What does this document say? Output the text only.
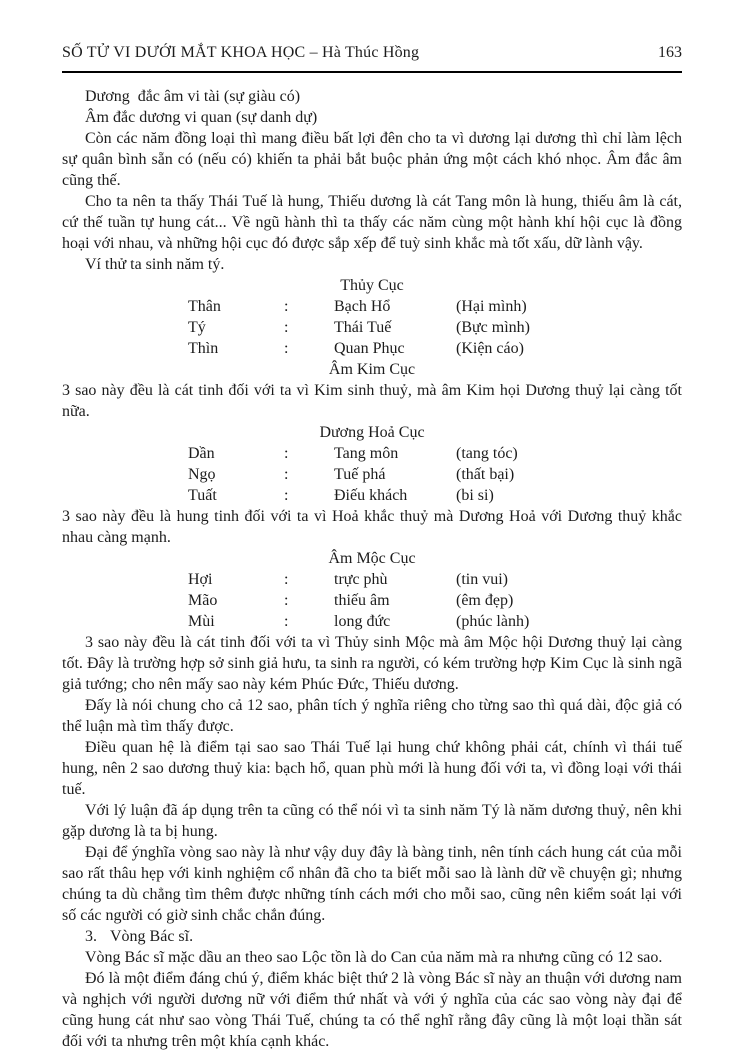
SỐ TỬ VI DƯỚI MẮT KHOA HỌC – Hà Thúc Hồng	163
Dương  đắc âm vi tài (sự giàu có)
Âm đắc dương vi quan (sự danh dự)

Còn các năm đồng loại thì mang điều bất lợi đên cho ta vì dương lại dương thì chỉ làm lệch sự quân bình sẵn có (nếu có) khiến ta phải bắt buộc phản ứng một cách khó nhọc. Âm đắc âm cũng thế.

Cho ta nên ta thấy Thái Tuế là hung, Thiếu dương là cát Tang môn là hung, thiếu âm là cát, cứ thế tuần tự hung cát... Về ngũ hành thì ta thấy các năm cùng một hành khí hội cục là đồng hoại với nhau, và những hội cục đó được sắp xếp để tuỳ sinh khắc mà tốt xấu, dữ lành vậy.

Ví thử ta sinh năm tý.
Thủy Cục
Thân	:	Bạch Hổ	(Hại mình)
Tý	:	Thái Tuế	(Bực mình)
Thìn	:	Quan Phục	(Kiện cáo)
Âm Kim Cục

3 sao này đều là cát tinh đối với ta vì Kim sinh thuỷ, mà âm Kim họi Dương thuỷ lại càng tốt nữa.

Dương Hoả Cục
Dần	:	Tang môn	(tang tóc)
Ngọ	:	Tuế phá	(thất bại)
Tuất	:	Điếu khách	(bi si)

3 sao này đều là hung tinh đối với ta vì Hoả khắc thuỷ mà Dương Hoả với Dương thuỷ khắc nhau càng mạnh.

Âm Mộc Cục
Hợi	:	trực phù	(tin vui)
Mão	:	thiếu âm	(êm đẹp)
Mùi	:	long đức	(phúc lành)

3 sao này đều là cát tinh đối với ta vì Thủy sinh Mộc mà âm Mộc hội Dương thuỷ lại càng tốt. Đây là trường hợp sở sinh giả hưu, ta sinh ra người, có kém trường hợp Kim Cục là sinh ngã giả tướng; cho nên mấy sao này kém Phúc Đức, Thiếu dương.

Đấy là nói chung cho cả 12 sao, phân tích ý nghĩa riêng cho từng sao thì quá dài, độc giả có thể luận mà tìm thấy được.

Điều quan hệ là điểm tại sao sao Thái Tuế lại hung chứ không phải cát, chính vì thái tuế hung, nên 2 sao dương thuỷ kia: bạch hổ, quan phù mới là hung đối với ta, vì đồng loại với thái tuế.

Với lý luận đã áp dụng trên ta cũng có thể nói vì ta sinh năm Tý là năm dương thuỷ, nên khi gặp dương là ta bị hung.

Đại để ýnghĩa vòng sao này là như vậy duy đây là bàng tinh, nên tính cách hung cát của mỗi sao rất thâu hẹp với kinh nghiệm cổ nhân đã cho ta biết mỗi sao là lành dữ về chuyện gì; nhưng chúng ta dù chẳng tìm thêm được những tính cách mới cho mỗi sao, cũng nên kiểm soát lại với số các người có giờ sinh chắc chắn đúng.

3. Vòng Bác sĩ.

Vòng Bác sĩ mặc dầu an theo sao Lộc tồn là do Can của năm mà ra nhưng cũng có 12 sao.

Đó là một điểm đáng chú ý, điểm khác biệt thứ 2 là vòng Bác sĩ này an thuận với dương nam và nghịch với người dương nữ với điểm thứ nhất và với ý nghĩa của các sao vòng này đại để cũng hung cát như sao vòng Thái Tuế, chúng ta có thể nghĩ rằng đây cũng là một loại thần sát đối với ta nhưng trên một khía cạnh khác.
